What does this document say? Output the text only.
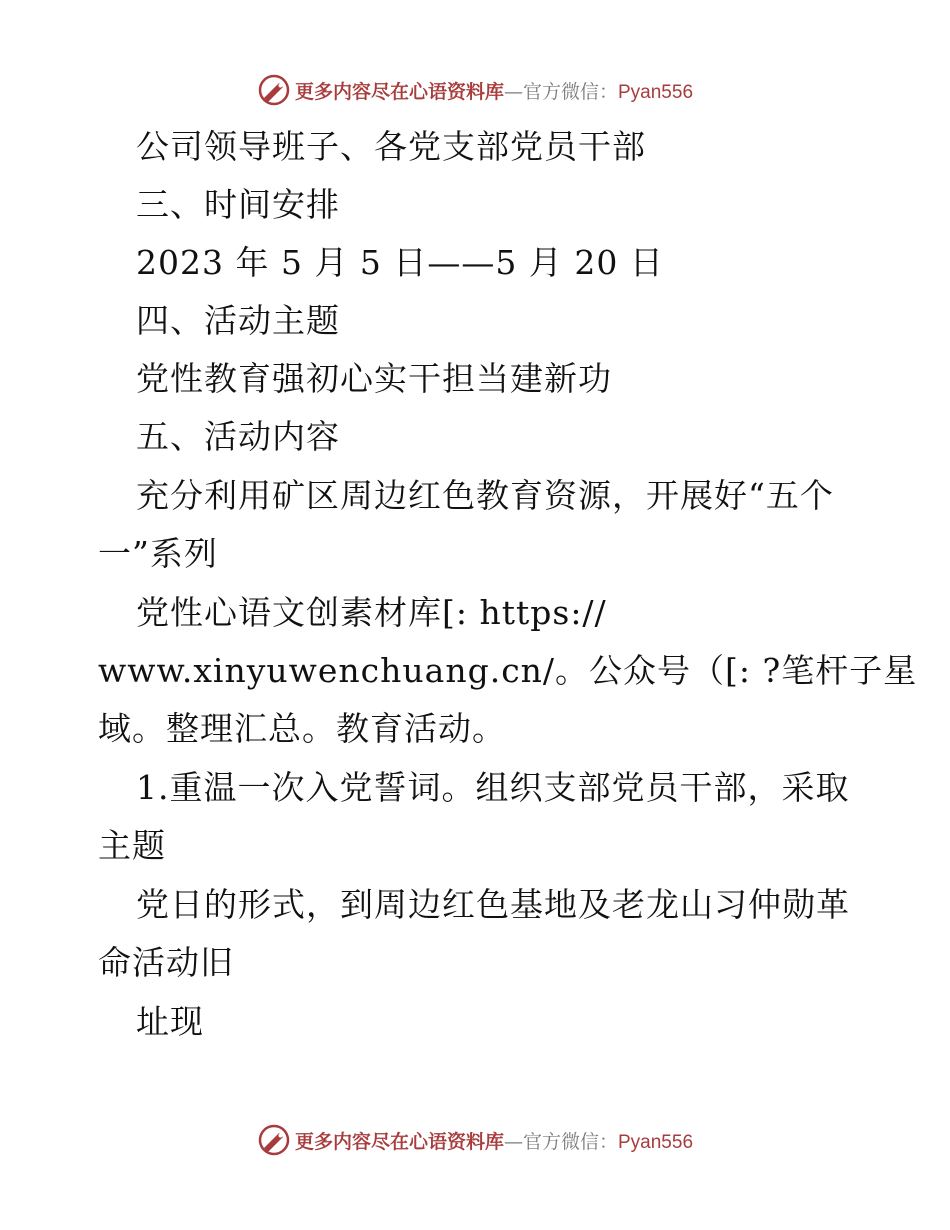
更多内容尽在心语资料库—官方微信：Pyan556
公司领导班子、各党支部党员干部
三、时间安排
2023 年 5 月 5 日——5 月 20 日
四、活动主题
党性教育强初心实干担当建新功
五、活动内容
充分利用矿区周边红色教育资源，开展好“五个
一”系列
党性心语文创素材库[: https://
www.xinyuwenchuang.cn/。公众号（[: ?笔杆子星
域。整理汇总。教育活动。
1.重温一次入党誓词。组织支部党员干部，采取
主题
党日的形式，到周边红色基地及老龙山习仲勋革
命活动旧
址现
更多内容尽在心语资料库—官方微信：Pyan556
